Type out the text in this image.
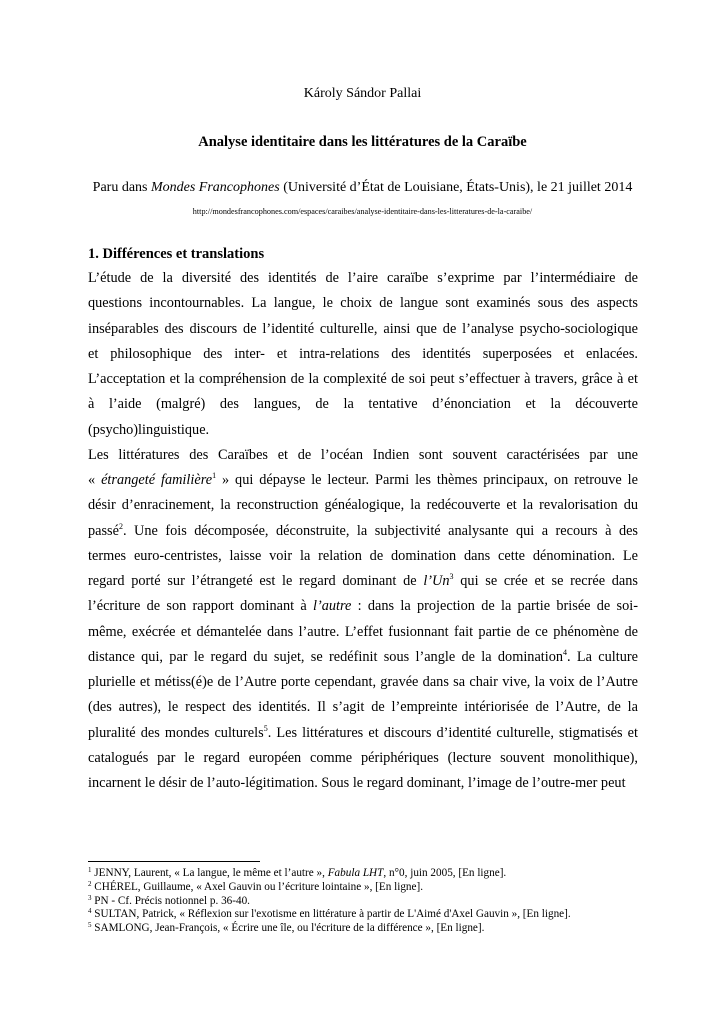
Károly Sándor Pallai
Analyse identitaire dans les littératures de la Caraïbe
Paru dans Mondes Francophones (Université d’État de Louisiane, États-Unis), le 21 juillet 2014
http://mondesfrancophones.com/espaces/caraibes/analyse-identitaire-dans-les-litteratures-de-la-caraibe/
1. Différences et translations
L’étude de la diversité des identités de l’aire caraïbe s’exprime par l’intermédiaire de
questions incontournables. La langue, le choix de langue sont examinés sous des aspects
inséparables des discours de l’identité culturelle, ainsi que de l’analyse psycho-sociologique
et philosophique des inter- et intra-relations des identités superposées et enlacées.
L’acceptation et la compréhension de la complexité de soi peut s’effectuer à travers, grâce à et
à l’aide (malgré) des langues, de la tentative d’énonciation et la découverte
(psycho)linguistique.
Les littératures des Caraïbes et de l’océan Indien sont souvent caractérisées par une
« étrangeté familière$^1$ » qui dépayse le lecteur. Parmi les thèmes principaux, on retrouve le
désir d’enracinement, la reconstruction généalogique, la redécouverte et la revalorisation du
passé$^2$. Une fois décomposée, déconstruite, la subjectivité analysante qui a recours à des
termes euro-centristes, laisse voir la relation de domination dans cette dénomination. Le
regard porté sur l’étrangeté est le regard dominant de l’Un$^3$ qui se crée et se recrée dans
l’écriture de son rapport dominant à l’autre : dans la projection de la partie brisée de soi-
même, exécrée et démantelée dans l’autre. L’effet fusionnant fait partie de ce phénomène de
distance qui, par le regard du sujet, se redéfinit sous l’angle de la domination$^4$. La culture
plurielle et métiss(é)e de l’Autre porte cependant, gravée dans sa chair vive, la voix de l’Autre
(des autres), le respect des identités. Il s’agit de l’empreinte intériorisée de l’Autre, de la
pluralité des mondes culturels$^5$. Les littératures et discours d’identité culturelle, stigmatisés et
catalogués par le regard européen comme périphériques (lecture souvent monolithique),
incarnent le désir de l’auto-légitimation. Sous le regard dominant, l’image de l’outre-mer peut
$^1$ JENNY, Laurent, « La langue, le même et l’autre », Fabula LHT, n°0, juin 2005, [En ligne].
$^2$ CHÉREL, Guillaume, « Axel Gauvin ou l’écriture lointaine », [En ligne].
$^3$ PN - Cf. Précis notionnel p. 36-40.
$^4$ SULTAN, Patrick, « Réflexion sur l'exotisme en littérature à partir de L'Aimé d'Axel Gauvin », [En ligne].
$^5$ SAMLONG, Jean-François, « Écrire une île, ou l'écriture de la différence », [En ligne].
